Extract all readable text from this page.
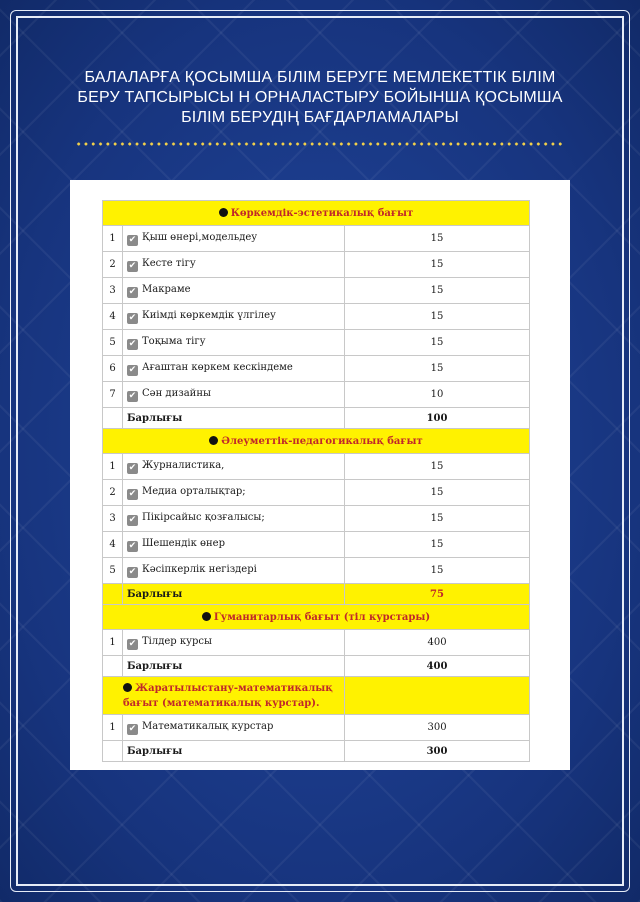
БАЛАЛАРҒА ҚОСЫМША БІЛІМ БЕРУГЕ МЕМЛЕКЕТТІК БІЛІМ
БЕРУ ТАПСЫРЫСЫ Н ОРНАЛАСТЫРУ БОЙЫНША ҚОСЫМША
БІЛІМ БЕРУДІҢ БАҒДАРЛАМАЛАРЫ
Көркемдік-эстетикалық бағыт		
1	✔ Қыш өнері,модельдеу	15
2	✔ Кесте тігу	15
3	✔ Макраме	15
4	✔ Киімді көркемдік үлгілеу	15
5	✔ Тоқыма тігу	15
6	✔ Ағаштан көркем кескіндеме	15
7	✔ Сән дизайны	10
	Барлығы	100
Әлеуметтік-педагогикалық бағыт		
1	✔ Журналистика,	15
2	✔ Медиа орталықтар;	15
3	✔ Пікірсайыс қозғалысы;	15
4	✔ Шешендік өнер	15
5	✔ Кәсіпкерлік негіздері	15
	Барлығы	75
Гуманитарлық бағыт (тіл курстары)		
1	✔ Тілдер курсы	400
	Барлығы	400
Жаратылыстану-математикалық
бағыт (математикалық курстар).		
1	✔ Математикалық курстар	300
	Барлығы	300
